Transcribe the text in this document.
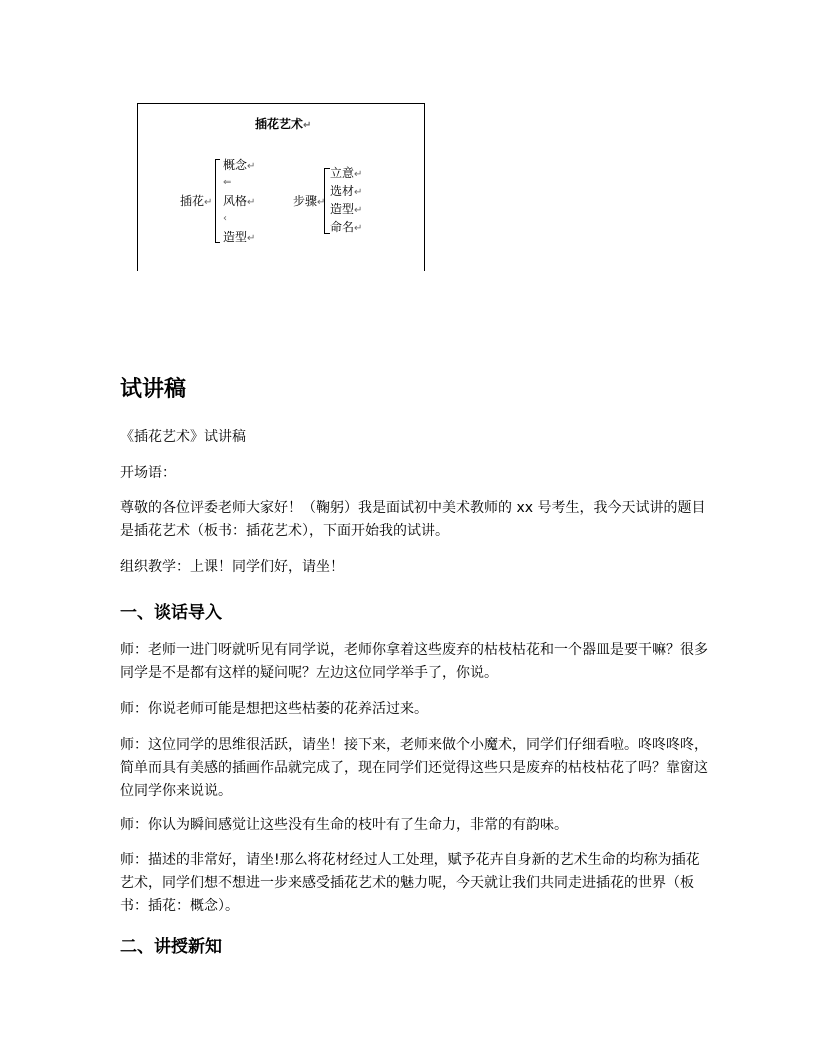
插花艺术↵
插花↵
概念↵
⇐
风格↵
‹
造型↵
步骤↵
立意↵
选材↵
造型↵
命名↵
试讲稿
《插花艺术》试讲稿
开场语：
尊敬的各位评委老师大家好！（鞠躬）我是面试初中美术教师的 xx 号考生，我今天试讲的题目是插花艺术（板书：插花艺术），下面开始我的试讲。
组织教学：上课！同学们好，请坐！
一、谈话导入
师：老师一进门呀就听见有同学说，老师你拿着这些废弃的枯枝枯花和一个器皿是要干嘛？很多同学是不是都有这样的疑问呢？左边这位同学举手了，你说。
师：你说老师可能是想把这些枯萎的花养活过来。
师：这位同学的思维很活跃，请坐！接下来，老师来做个小魔术，同学们仔细看啦。咚咚咚咚，简单而具有美感的插画作品就完成了，现在同学们还觉得这些只是废弃的枯枝枯花了吗？靠窗这位同学你来说说。
师：你认为瞬间感觉让这些没有生命的枝叶有了生命力，非常的有韵味。
师：描述的非常好，请坐!那么将花材经过人工处理，赋予花卉自身新的艺术生命的均称为插花艺术，同学们想不想进一步来感受插花艺术的魅力呢，今天就让我们共同走进插花的世界（板书：插花：概念）。
二、讲授新知
